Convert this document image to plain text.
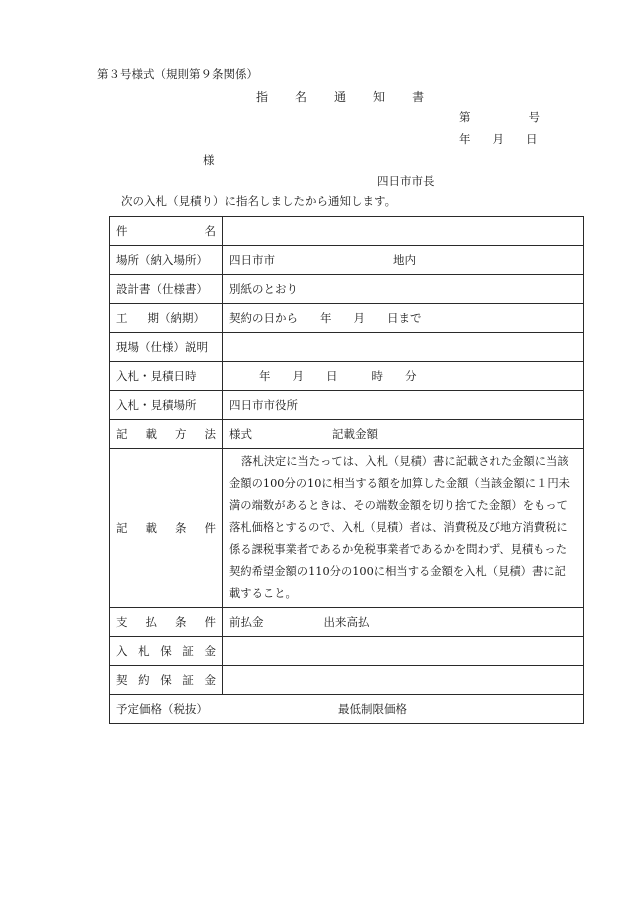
第３号様式（規則第９条関係）
指名通知書
第	号
年 月 日
様
四日市市長
次の入札（見積り）に指名しましたから通知します。
件 名	

場所（納入場所）	四日市市 地内
設計書（仕様書）	別紙のとおり
工 期（納期）	契約の日から 年 月 日まで
現場（仕様）説明	
入札・見積日時	年 月 日 時 分
入札・見積場所	四日市市役所

記 載 方 法	様式 記載金額

記 載 条 件	落札決定に当たっては、入札（見積）書に記載された金額に当該金額の100分の10に相当する額を加算した金額（当該金額に１円未満の端数があるときは、その端数金額を切り捨てた金額）をもって落札価格とするので、入札（見積）者は、消費税及び地方消費税に係る課税事業者であるか免税事業者であるかを問わず、見積もった契約希望金額の110分の100に相当する金額を入札（見積）書に記載すること。

支 払 条 件	前払金 出来高払

入 札 保 証 金	

契 約 保 証 金	

予定価格（税抜） 最低制限価格	
